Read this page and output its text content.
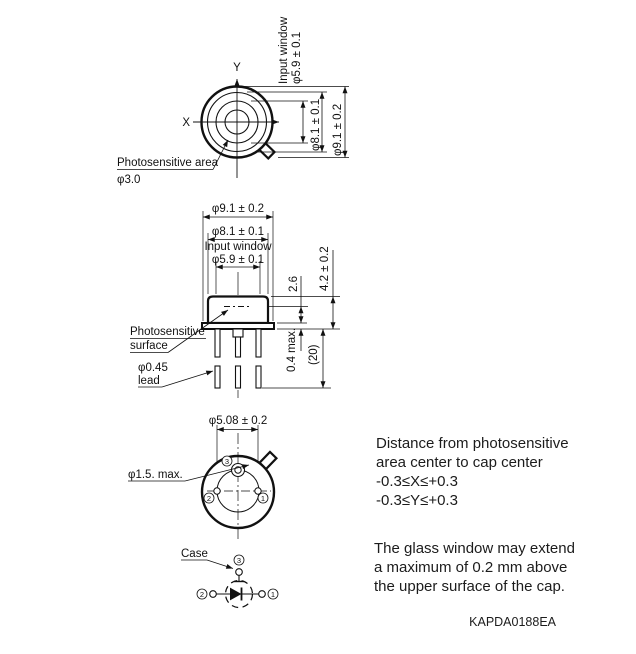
X
Y	Input window φ5.9 ± 0.1
φ8.1 ± 0.1 φ9.1 ± 0.2
Photosensitive area
φ3.0
φ9.1 ± 0.2
φ8.1 ± 0.1
Input window
φ5.9 ± 0.1
2.6
0.4 max.
4.2 ± 0.2
(20)
Photosensitive
surface
φ0.45
lead
φ5.08 ± 0.2
3
2	1
φ1.5. max.
Case
3
2	1
Distance from photosensitive
area center to cap center
-0.3≤X≤+0.3
-0.3≤Y≤+0.3
The glass window may extend
a maximum of 0.2 mm above
the upper surface of the cap.
KAPDA0188EA
